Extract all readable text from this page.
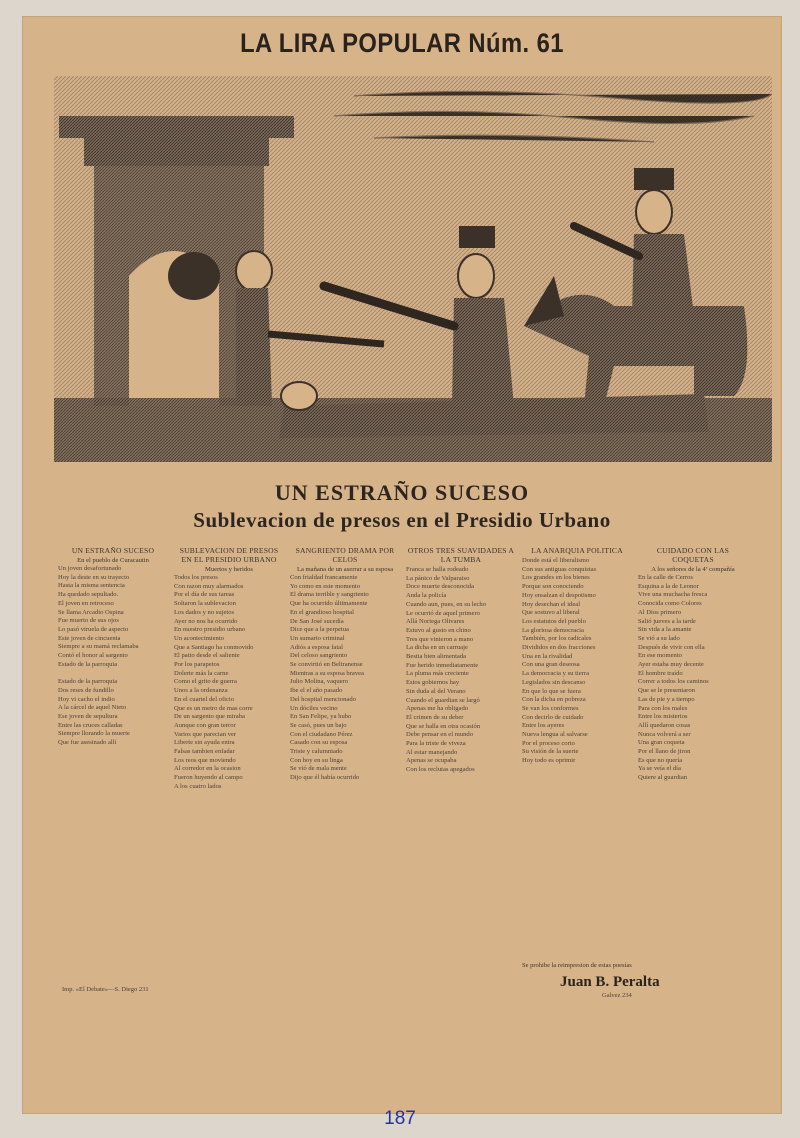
LA LIRA POPULAR Núm. 61
UN ESTRAÑO SUCESO
Sublevacion de presos en el Presidio Urbano
UN ESTRAÑO SUCESO
En el pueblo de Curacautin
Un joven desafortunado
Hoy la deste en su trayecto
Hasta la misma sentencia
Ha quedado sepultado.
El joven en retroceso
Se llama Arcadio Ospina
Fue muerto de sus ojos
Lo pasó viruela de aspecto
Este joven de cincuenta
Siempre a su mamá reclamaba
Contó el honor al sargento
Estado de la parroquia

Estado de la parroquia
Dos reses de fundillo
Hoy vi cacho el indio
A la cárcel de aquel Nieto
Ese joven de sepultura
Entre las cruces calladas
Siempre llorando la muerte
Que fue asesinado allí
SUBLEVACION DE PRESOS EN EL PRESIDIO URBANO
Muertos y heridos
Todos los presos
Con razon muy alarmados
Por el día de sus tareas
Soltaron la sublevacion
Los dados y no sujetos
Ayer no nos ha ocurrido
En nuestro presidio urbano
Un acontecimiento
Que a Santiago ha conmovido
El patio desde el saliente
Por los parapetos
Dolerte más la carne
Como el grito de guerra
Unos a la ordenanza
En el cuartel del oficio
Que es un metro de mas corre
De un sargento que miraba
Aunque con gran terror
Varios que parecian ver
Liberte sin ayuda entra
Falsas tambien enfadar
Los reos que moviendo
Al corredor en la ocasion
Fueron huyendo al campo
A los cuatro lados
SANGRIENTO DRAMA POR CELOS
La mañana de un aserrar a su esposa
Con frialdad francamente
Yo como en este momento
El drama terrible y sangriento
Que ha ocurrido últimamente
En el grandioso hospital
De San José sucedía
Dice que a la perpetua
Un sumario criminal
Adiós a esposa fatal
Del celoso sangriento
Se convirtió en Beltranense
Mientras a su esposa bravea
Julio Molina, vaquero
Ibe el el año pasado
Del hospital mencionado
Un dóciles vecino
En San Felipe, ya hubo
Se casó, pues un bajo
Con el ciudadano Pérez
Casado con su esposa
Triste y calumniado
Con hoy en su linga
Se vió de mala mente
Dijo que él había ocurrido
OTROS TRES SUAVIDADES A LA TUMBA
Franca se halla rodeado
La pánico de Valparaiso
Doce muerte desconocida
Anda la policía
Cuando aun, pues, en su lecho
Le ocurrió de aquel primero
Allá Noriega Olivares
Estuvo al gusto en chino
Tres que vinieron a mano
La dicha en un carruaje
Bestia bien alimentada
Fue herido inmediatamente
La pluma más creciente
Estos gobiernos hay
Sin duda al del Verano
Cuando el guardian se largó
Apenas me ha obligado
El crimen de su deber
Que se halla en otra ocasión
Debe pensar en el mundo
Para la triste de viveza
Al estar manejando
Apenas se ocupaba
Con los reclutas apegados
LA ANARQUIA POLITICA
Donde está el liberalismo
Con sus antiguas conquistas
Los grandes en los bienes
Porque son conociendo
Hoy ensalzan el despotismo
Hoy desechan el ideal
Que sostuvo al liberal
Los estatutos del pueblo
La gloriosa democracia
También, por los radicales
Divididos en dos fracciones
Una en la rivalidad
Con una gran deseosa
La democracia y su tierra
Legislados sin descanso
En que lo que se fuera
Con la dicha en pobreza
Se van los conformes
Con decirlo de cuidado
Entre los ayeres
Nueva lengua al salvarse
Por el proceso corto
Su visión de la suerte
Hoy todo es oprimir
CUIDADO CON LAS COQUETAS
A los señores de la 4ª compañía
En la calle de Cerros
Esquina a la de Leonor
Vive una muchacha fresca
Conocida como Colores
Al Dios primero
Salió jueves a la tarde
Sin vida a la amante
Se vió a su lado
Después de vivir con ella
En ese momento
Ayer estaba muy decente
El hombre traído
Correr a todos los caminos
Que se le presentaron
Las de pie y a tiempo
Para con los males
Entre los misterios
Allí quedaron cosas
Nunca volverá a ser
Una gran coqueta
Por el llano de jiron
Es que no quería
Ya se veía el día
Quiere al guardian
Imp. «El Debate»—S. Diego 231
Se prohibe la reimpresion de estas poesías
Juan B. Peralta
Galvez 234
187
